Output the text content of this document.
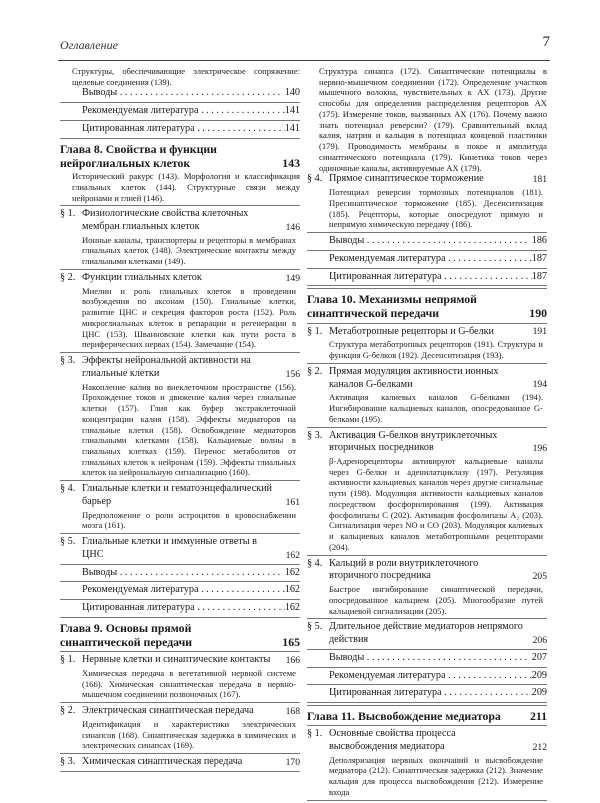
Оглавление	7
Структуры, обеспечивающие электрическое сопряжение: щелевые соединения (139).
Выводы . . .	140
Рекомендуемая литература . . .	141
Цитированная литература . . .	141
Глава 8. Свойства и функции нейроглиальных клеток	143
Исторический ракурс (143). Морфология и классификация глиальных клеток (144). Структурные связи между нейронами и глией (146).
§ 1. Физиологические свойства клеточных мембран глиальных клеток	146
Ионные каналы, транспортеры и рецепторы в мембранах глиальных клеток (148). Электрические контакты между глиальными клетками (149).
§ 2. Функции глиальных клеток	149
Миелин и роль глиальных клеток в проведении возбуждения по аксонам (150). Глиальные клетки, развитие ЦНС и секреция факторов роста (152). Роль микроглиальных клеток в репарации и регенерации в ЦНС (153). Шванновские клетки как пути роста в периферических нервах (154). Замечание (154).
§ 3. Эффекты нейрональной активности на глиальные клетки	156
Накопление калия во внеклеточном пространстве (156). Прохождение токов и движение калия через глиальные клетки (157). Глия как буфер экстраклеточной концентрации калия (158). Эффекты медиаторов на глиальные клетки (158). Освобождение медиаторов глиальными клетками (158). Кальциевые волны в глиальных клетках (159). Перенос метаболитов от глиальных клеток к нейронам (159). Эффекты глиальных клеток на нейрональную сигнализацию (160).
§ 4. Глиальные клетки и гематоэнцефалический барьер	161
Предположение о роли астроцитов в кровоснабжении мозга (161).
§ 5. Глиальные клетки и иммунные ответы в ЦНС	162
Выводы . . .	162
Рекомендуемая литература . . .	162
Цитированная литература . . .	162
Глава 9. Основы прямой синаптической передачи	165
§ 1. Нервные клетки и синаптические контакты	166
Химическая передача в вегетативной нервной системе (166). Химическая синаптическая передача в нервно-мышечном соединении позвоночных (167).
§ 2. Электрическая синаптическая передача	168
Идентификация и характеристики электрических синапсов (168). Синаптическая задержка в химических и электрических синапсах (169).
§ 3. Химическая синаптическая передача	170
Структура синапса (172). Синаптические потенциалы в нервно-мышечном соединении (172). Определение участков мышечного волокна, чувствительных к АХ (173). Другие способы для определения распределения рецепторов АХ (175). Измерение токов, вызванных АХ (176). Почему важно знать потенциал реверсии? (179). Сравнительный вклад калия, натрия и кальция в потенциал концевой пластинки (179). Проводимость мембраны в покое и амплитуда синаптического потенциала (179). Кинетика токов через одиночные каналы, активируемые АХ (179).
§ 4. Прямое синаптическое торможение	181
Потенциал реверсии тормозных потенциалов (181). Пресинаптическое торможение (185). Десенситизация (185). Рецепторы, которые опосредуют прямую и непрямую химическую передачу (186).
Выводы . . .	186
Рекомендуемая литература . . .	187
Цитированная литература . . .	187
Глава 10. Механизмы непрямой синаптической передачи	190
§ 1. Метаботропные рецепторы и G-белки	191
Структура метаботропных рецепторов (191). Структура и функция G-белков (192). Десенситизация (193).
§ 2. Прямая модуляция активности ионных каналов G-белками	194
Активация калиевых каналов G-белками (194). Ингибирование кальциевых каналов, опосредованное G-белками (195).
§ 3. Активация G-белков внутриклеточных вторичных посредников	196
β-Адренорецепторы активируют кальциевые каналы через G-белки и аденилатциклазу (197). Регуляция активности кальциевых каналов через другие сигнальные пути (198). Модуляция активности кальциевых каналов посредством фосфорилирования (199). Активация фосфолипазы C (202). Активация фосфолипазы A₂ (203). Сигнализация через NO и CO (203). Модуляция калиевых и кальциевых каналов метаботропными рецепторами (204).
§ 4. Кальций в роли внутриклеточного вторичного посредника	205
Быстрое ингибирование синаптической передачи, опосредованное кальцием (205). Многообразие путей кальциевой сигнализации (205).
§ 5. Длительное действие медиаторов непрямого действия	206
Выводы . . .	207
Рекомендуемая литература . . .	209
Цитированная литература . . .	209
Глава 11. Высвобождение медиатора	211
§ 1. Основные свойства процесса высвобождения медиатора	212
Деполяризация нервных окончаний и высвобождение медиатора (212). Синаптическая задержка (212). Значение кальция для процесса высвобождения (212). Измерение входа
